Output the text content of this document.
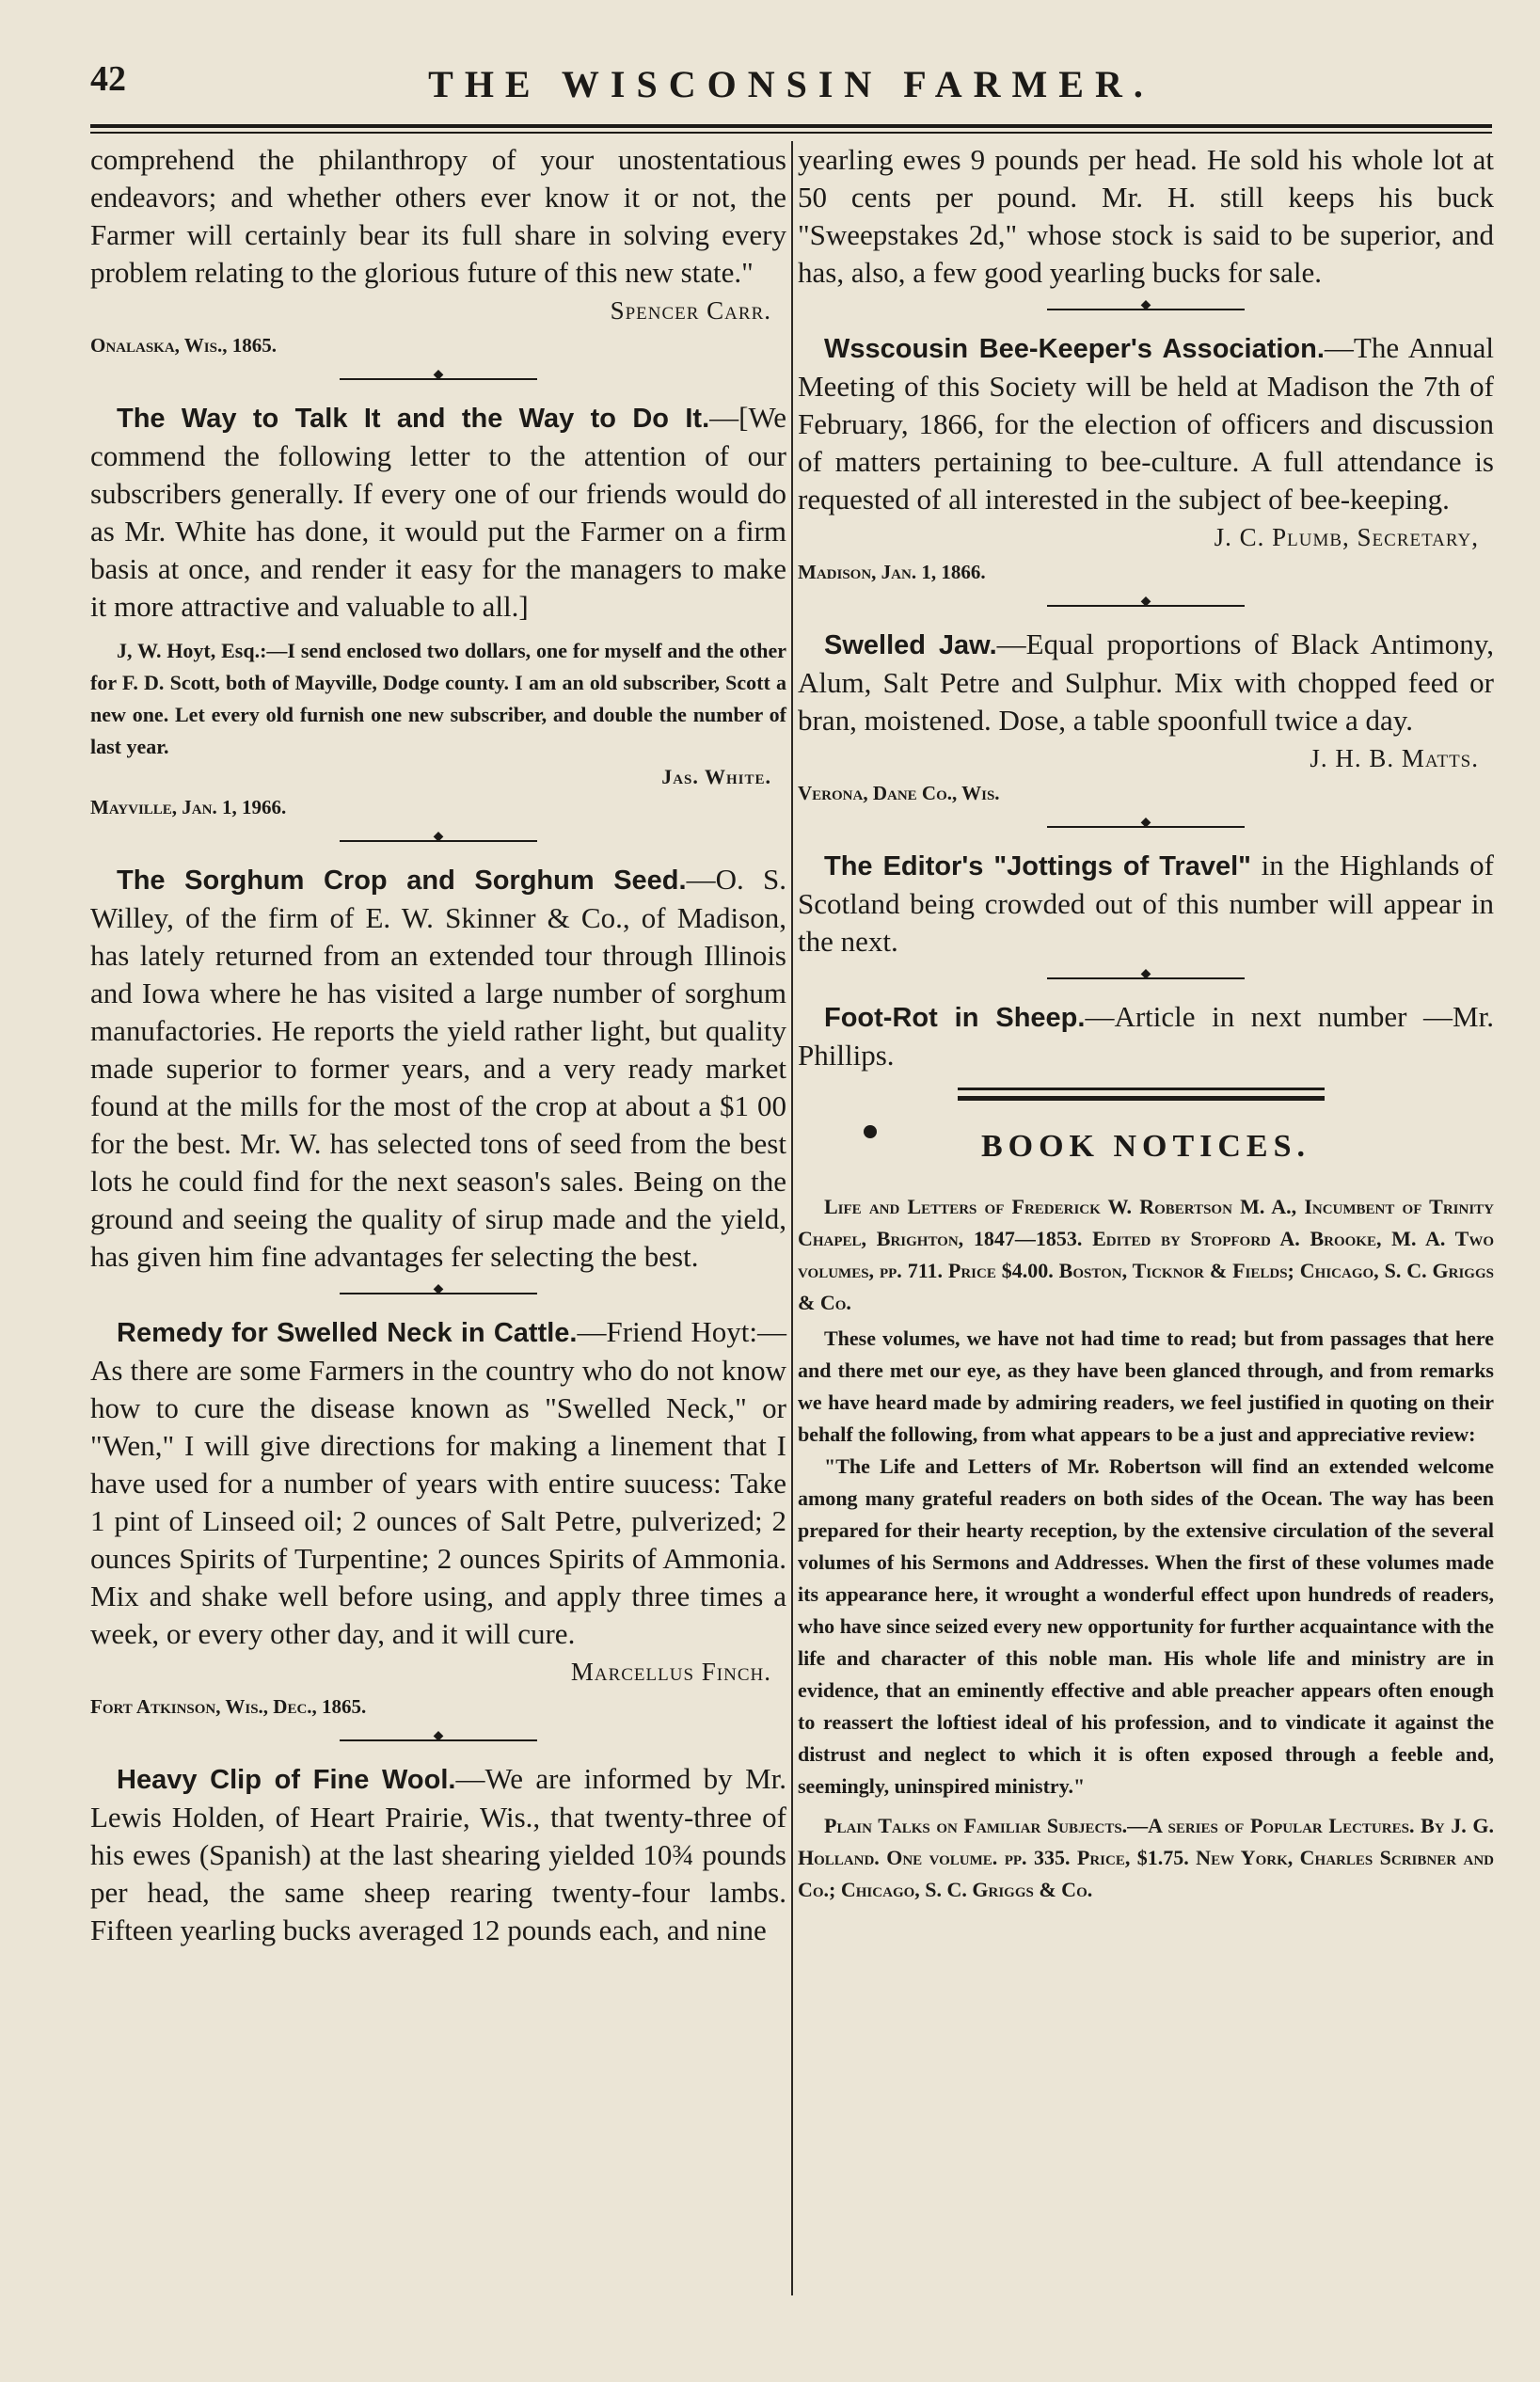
42	THE WISCONSIN FARMER.

comprehend the philanthropy of your unostentatious endeavors; and whether others ever know it or not, the Farmer will certainly bear its full share in solving every problem relating to the glorious future of this new state."

Spencer Carr.
Onalaska, Wis., 1865.
◆

The Way to Talk It and the Way to Do It.—[We commend the following letter to the attention of our subscribers generally. If every one of our friends would do as Mr. White has done, it would put the Farmer on a firm basis at once, and render it easy for the managers to make it more attractive and valuable to all.]

J, W. Hoyt, Esq.:—I send enclosed two dollars, one for myself and the other for F. D. Scott, both of Mayville, Dodge county. I am an old subscriber, Scott a new one. Let every old furnish one new subscriber, and double the number of last year.

Jas. White.
Mayville, Jan. 1, 1966.
◆

The Sorghum Crop and Sorghum Seed.—O. S. Willey, of the firm of E. W. Skinner & Co., of Madison, has lately returned from an extended tour through Illinois and Iowa where he has visited a large number of sorghum manufactories. He reports the yield rather light, but quality made superior to former years, and a very ready market found at the mills for the most of the crop at about a $1 00 for the best. Mr. W. has selected tons of seed from the best lots he could find for the next season's sales. Being on the ground and seeing the quality of sirup made and the yield, has given him fine advantages fer selecting the best.

◆

Remedy for Swelled Neck in Cattle.—Friend Hoyt:—As there are some Farmers in the country who do not know how to cure the disease known as "Swelled Neck," or "Wen," I will give directions for making a linement that I have used for a number of years with entire suucess: Take 1 pint of Linseed oil; 2 ounces of Salt Petre, pulverized; 2 ounces Spirits of Turpentine; 2 ounces Spirits of Ammonia. Mix and shake well before using, and apply three times a week, or every other day, and it will cure.

Marcellus Finch.
Fort Atkinson, Wis., Dec., 1865.
◆

Heavy Clip of Fine Wool.—We are informed by Mr. Lewis Holden, of Heart Prairie, Wis., that twenty-three of his ewes (Spanish) at the last shearing yielded 10¾ pounds per head, the same sheep rearing twenty-four lambs. Fifteen yearling bucks averaged 12 pounds each, and nine

yearling ewes 9 pounds per head. He sold his whole lot at 50 cents per pound. Mr. H. still keeps his buck "Sweepstakes 2d," whose stock is said to be superior, and has, also, a few good yearling bucks for sale.

◆

Wsscousin Bee-Keeper's Association.—The Annual Meeting of this Society will be held at Madison the 7th of February, 1866, for the election of officers and discussion of matters pertaining to bee-culture. A full attendance is requested of all interested in the subject of bee-keeping.

J. C. Plumb, Secretary,
Madison, Jan. 1, 1866.
◆

Swelled Jaw.—Equal proportions of Black Antimony, Alum, Salt Petre and Sulphur. Mix with chopped feed or bran, moistened. Dose, a table spoonfull twice a day.

J. H. B. Matts.
Verona, Dane Co., Wis.
◆

The Editor's "Jottings of Travel" in the Highlands of Scotland being crowded out of this number will appear in the next.

◆

Foot-Rot in Sheep.—Article in next number —Mr. Phillips.

BOOK NOTICES.

Life and Letters of Frederick W. Robertson M. A., Incumbent of Trinity Chapel, Brighton, 1847—1853. Edited by Stopford A. Brooke, M. A. Two volumes, pp. 711. Price $4.00. Boston, Ticknor & Fields; Chicago, S. C. Griggs & Co.

These volumes, we have not had time to read; but from passages that here and there met our eye, as they have been glanced through, and from remarks we have heard made by admiring readers, we feel justified in quoting on their behalf the following, from what appears to be a just and appreciative review:

"The Life and Letters of Mr. Robertson will find an extended welcome among many grateful readers on both sides of the Ocean. The way has been prepared for their hearty reception, by the extensive circulation of the several volumes of his Sermons and Addresses. When the first of these volumes made its appearance here, it wrought a wonderful effect upon hundreds of readers, who have since seized every new opportunity for further acquaintance with the life and character of this noble man. His whole life and ministry are in evidence, that an eminently effective and able preacher appears often enough to reassert the loftiest ideal of his profession, and to vindicate it against the distrust and neglect to which it is often exposed through a feeble and, seemingly, uninspired ministry."

Plain Talks on Familiar Subjects.—A series of Popular Lectures. By J. G. Holland. One volume. pp. 335. Price, $1.75. New York, Charles Scribner and Co.; Chicago, S. C. Griggs & Co.
